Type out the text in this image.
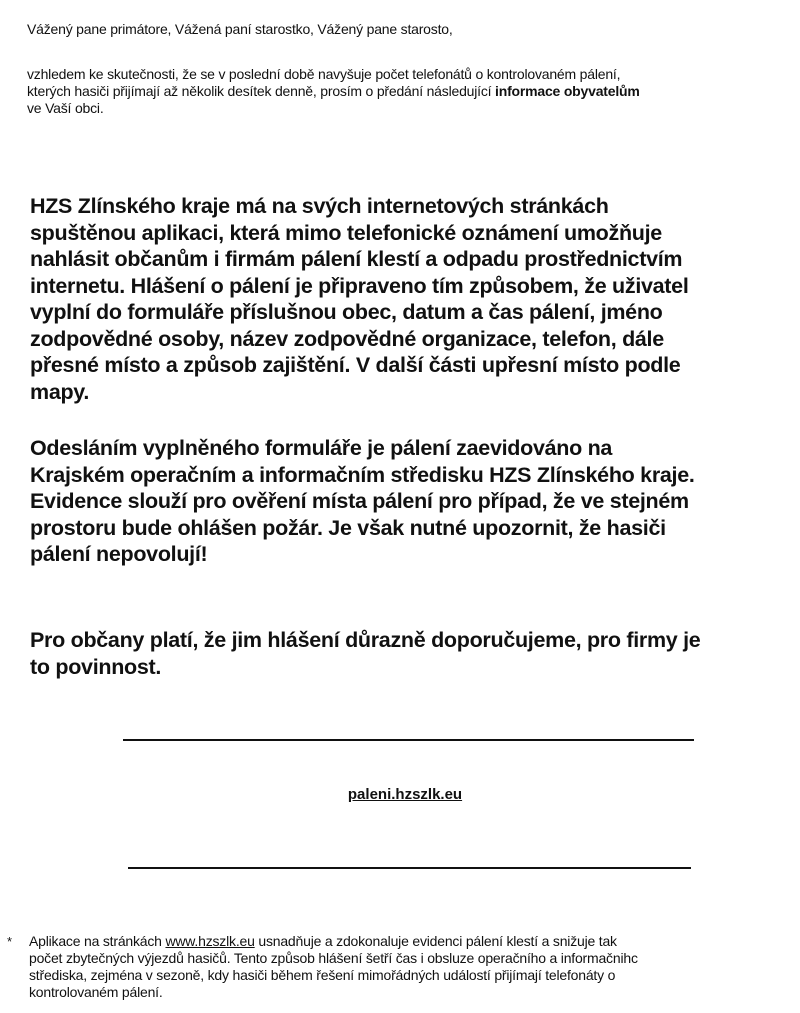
Vážený pane primátore, Vážená paní starostko, Vážený pane starosto,
vzhledem ke skutečnosti, že se v poslední době navyšuje počet telefonátů o kontrolovaném pálení,
kterých hasiči přijímají až několik desítek denně, prosím o předání následující informace obyvatelům
ve Vaší obci.
HZS Zlínského kraje má na svých internetových stránkách
spuštěnou aplikaci, která mimo telefonické oznámení umožňuje
nahlásit občanům i firmám pálení klestí a odpadu prostřednictvím
internetu. Hlášení o pálení je připraveno tím způsobem, že uživatel
vyplní do formuláře příslušnou obec, datum a čas pálení, jméno
zodpovědné osoby, název zodpovědné organizace, telefon, dále
přesné místo a způsob zajištění. V další části upřesní místo podle
mapy.
Odesláním vyplněného formuláře je pálení zaevidováno na
Krajském operačním a informačním středisku HZS Zlínského kraje.
Evidence slouží pro ověření místa pálení pro případ, že ve stejném
prostoru bude ohlášen požár. Je však nutné upozornit, že hasiči
pálení nepovolují!
Pro občany platí, že jim hlášení důrazně doporučujeme, pro firmy je
to povinnost.
paleni.hzszlk.eu
* Aplikace na stránkách www.hzszlk.eu usnadňuje a zdokonaluje evidenci pálení klestí a snižuje tak
počet zbytečných výjezdů hasičů. Tento způsob hlášení šetří čas i obsluze operačního a informačnihc
střediska, zejména v sezoně, kdy hasiči během řešení mimořádných událostí přijímají telefonáty o
kontrolovaném pálení.
